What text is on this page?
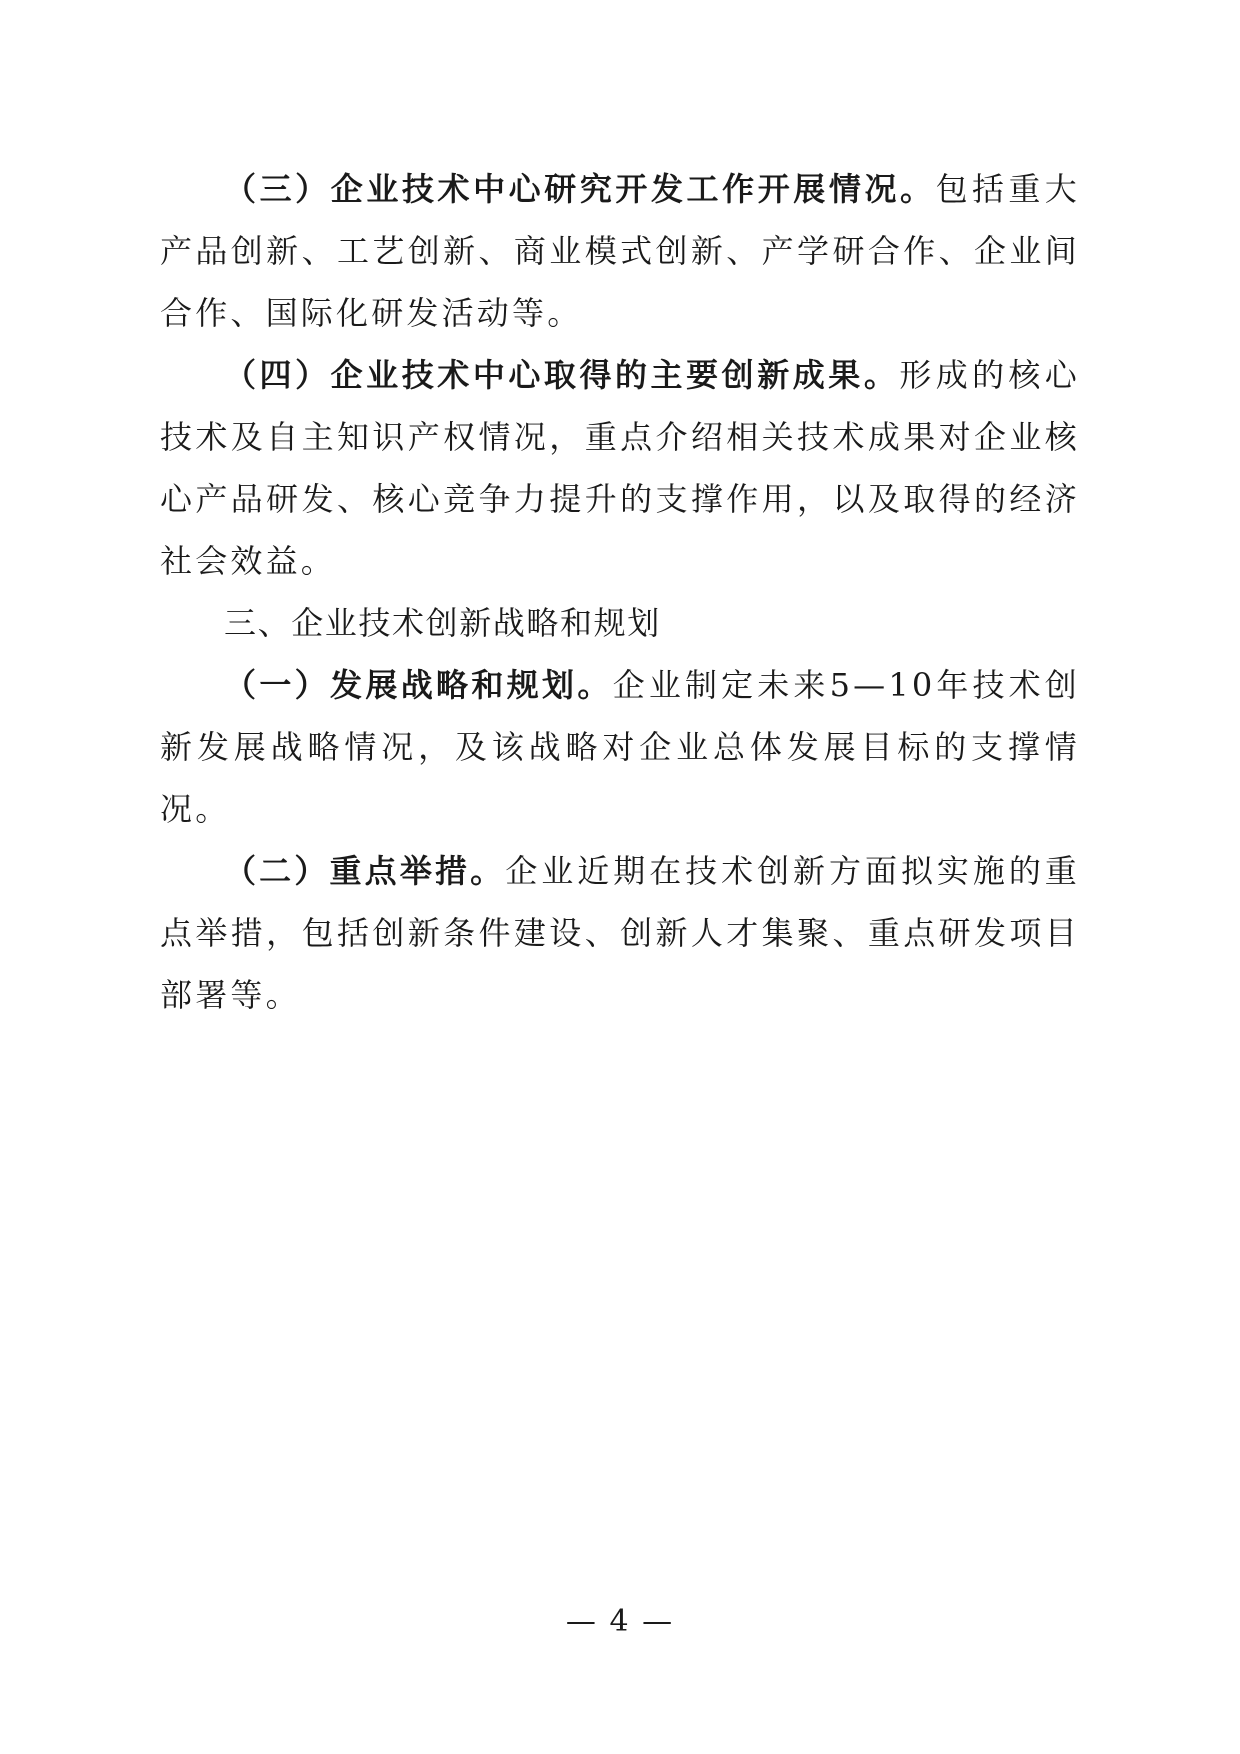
（三）企业技术中心研究开发工作开展情况。包括重大产品创新、工艺创新、商业模式创新、产学研合作、企业间合作、国际化研发活动等。

（四）企业技术中心取得的主要创新成果。形成的核心技术及自主知识产权情况，重点介绍相关技术成果对企业核心产品研发、核心竞争力提升的支撑作用，以及取得的经济社会效益。

三、企业技术创新战略和规划

（一）发展战略和规划。企业制定未来5—10年技术创新发展战略情况，及该战略对企业总体发展目标的支撑情况。

（二）重点举措。企业近期在技术创新方面拟实施的重点举措，包括创新条件建设、创新人才集聚、重点研发项目部署等。

— 4 —
